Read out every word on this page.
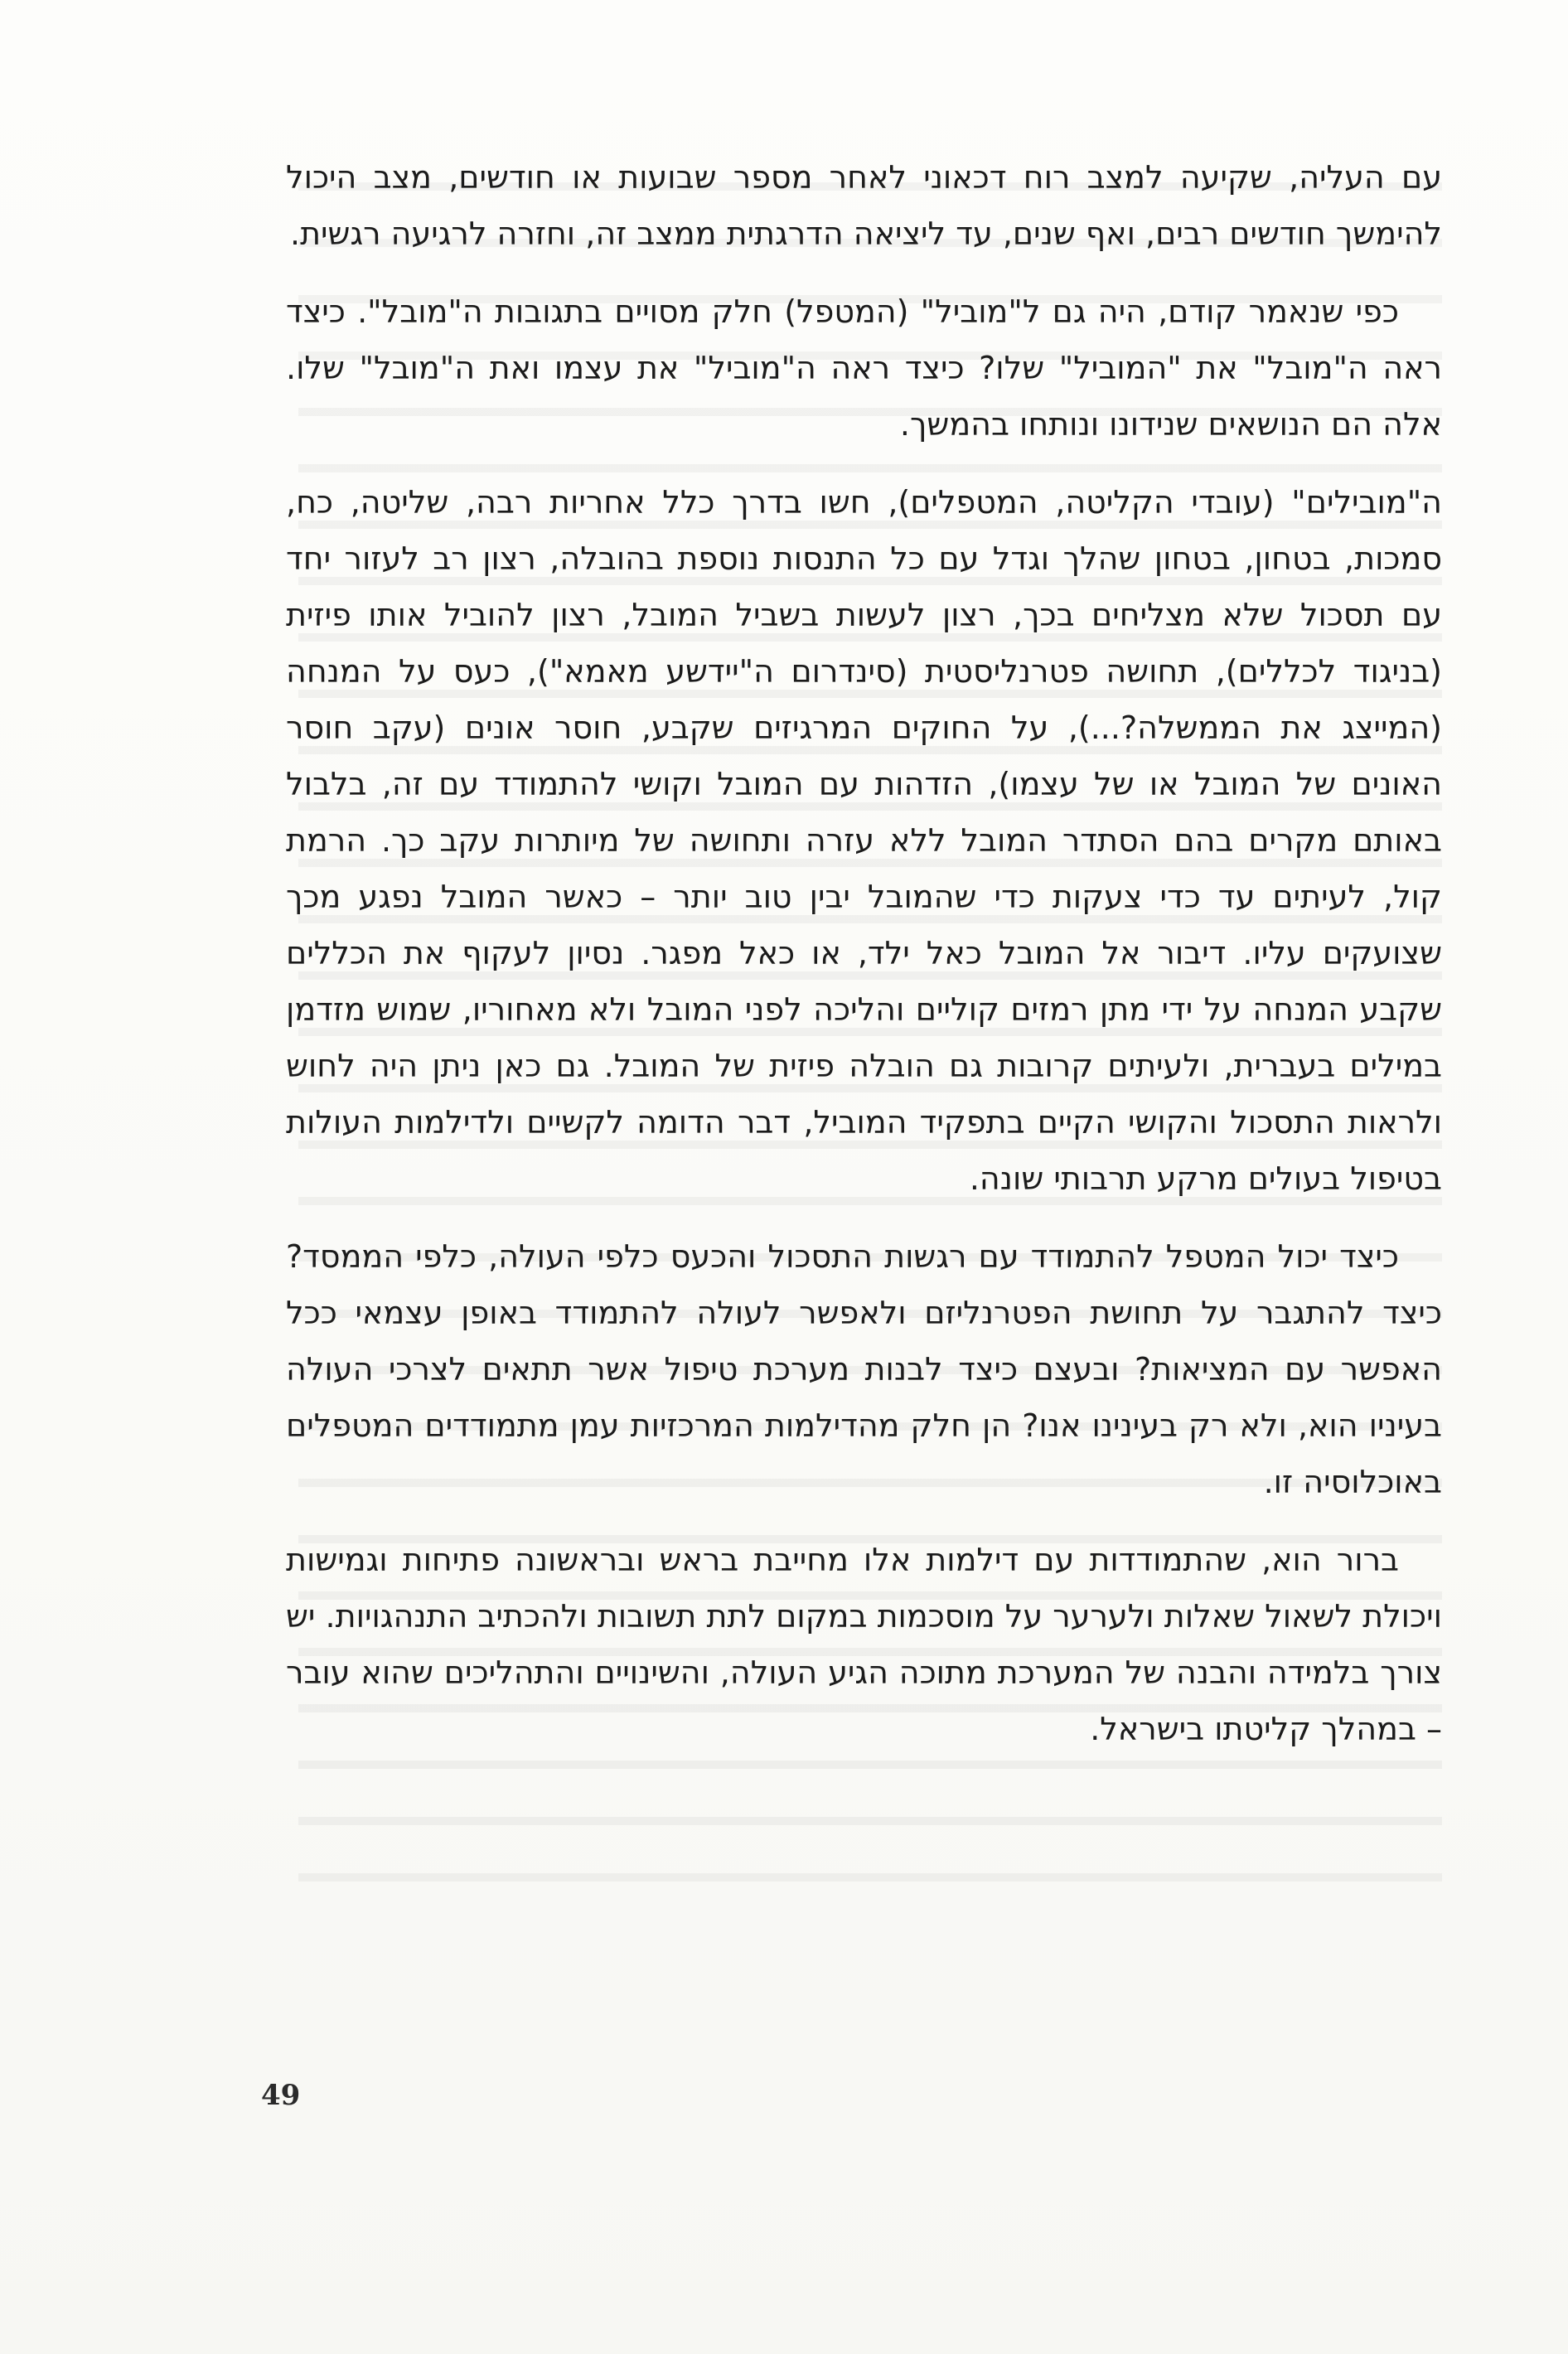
עם העליה, שקיעה למצב רוח דכאוני לאחר מספר שבועות או חודשים, מצב היכול להימשך חודשים רבים, ואף שנים, עד ליציאה הדרגתית ממצב זה, וחזרה לרגיעה רגשית.

כפי שנאמר קודם, היה גם ל"מוביל" (המטפל) חלק מסויים בתגובות ה"מובל". כיצד ראה ה"מובל" את "המוביל" שלו? כיצד ראה ה"מוביל" את עצמו ואת ה"מובל" שלו. אלה הם הנושאים שנידונו ונותחו בהמשך.

ה"מובילים" (עובדי הקליטה, המטפלים), חשו בדרך כלל אחריות רבה, שליטה, כח, סמכות, בטחון, בטחון שהלך וגדל עם כל התנסות נוספת בהובלה, רצון רב לעזור יחד עם תסכול שלא מצליחים בכך, רצון לעשות בשביל המובל, רצון להוביל אותו פיזית (בניגוד לכללים), תחושה פטרנליסטית (סינדרום ה"יידשע מאמא"), כעס על המנחה (המייצג את הממשלה?...), על החוקים המרגיזים שקבע, חוסר אונים (עקב חוסר האונים של המובל או של עצמו), הזדהות עם המובל וקושי להתמודד עם זה, בלבול באותם מקרים בהם הסתדר המובל ללא עזרה ותחושה של מיותרות עקב כך. הרמת קול, לעיתים עד כדי צעקות כדי שהמובל יבין טוב יותר – כאשר המובל נפגע מכך שצועקים עליו. דיבור אל המובל כאל ילד, או כאל מפגר. נסיון לעקוף את הכללים שקבע המנחה על ידי מתן רמזים קוליים והליכה לפני המובל ולא מאחוריו, שמוש מזדמן במילים בעברית, ולעיתים קרובות גם הובלה פיזית של המובל. גם כאן ניתן היה לחוש ולראות התסכול והקושי הקיים בתפקיד המוביל, דבר הדומה לקשיים ולדילמות העולות בטיפול בעולים מרקע תרבותי שונה.

כיצד יכול המטפל להתמודד עם רגשות התסכול והכעס כלפי העולה, כלפי הממסד? כיצד להתגבר על תחושת הפטרנליזם ולאפשר לעולה להתמודד באופן עצמאי ככל האפשר עם המציאות? ובעצם כיצד לבנות מערכת טיפול אשר תתאים לצרכי העולה בעיניו הוא, ולא רק בעינינו אנו? הן חלק מהדילמות המרכזיות עמן מתמודדים המטפלים באוכלוסיה זו.

ברור הוא, שהתמודדות עם דילמות אלו מחייבת בראש ובראשונה פתיחות וגמישות ויכולת לשאול שאלות ולערער על מוסכמות במקום לתת תשובות ולהכתיב התנהגויות. יש צורך בלמידה והבנה של המערכת מתוכה הגיע העולה, והשינויים והתהליכים שהוא עובר – במהלך קליטתו בישראל.

49
